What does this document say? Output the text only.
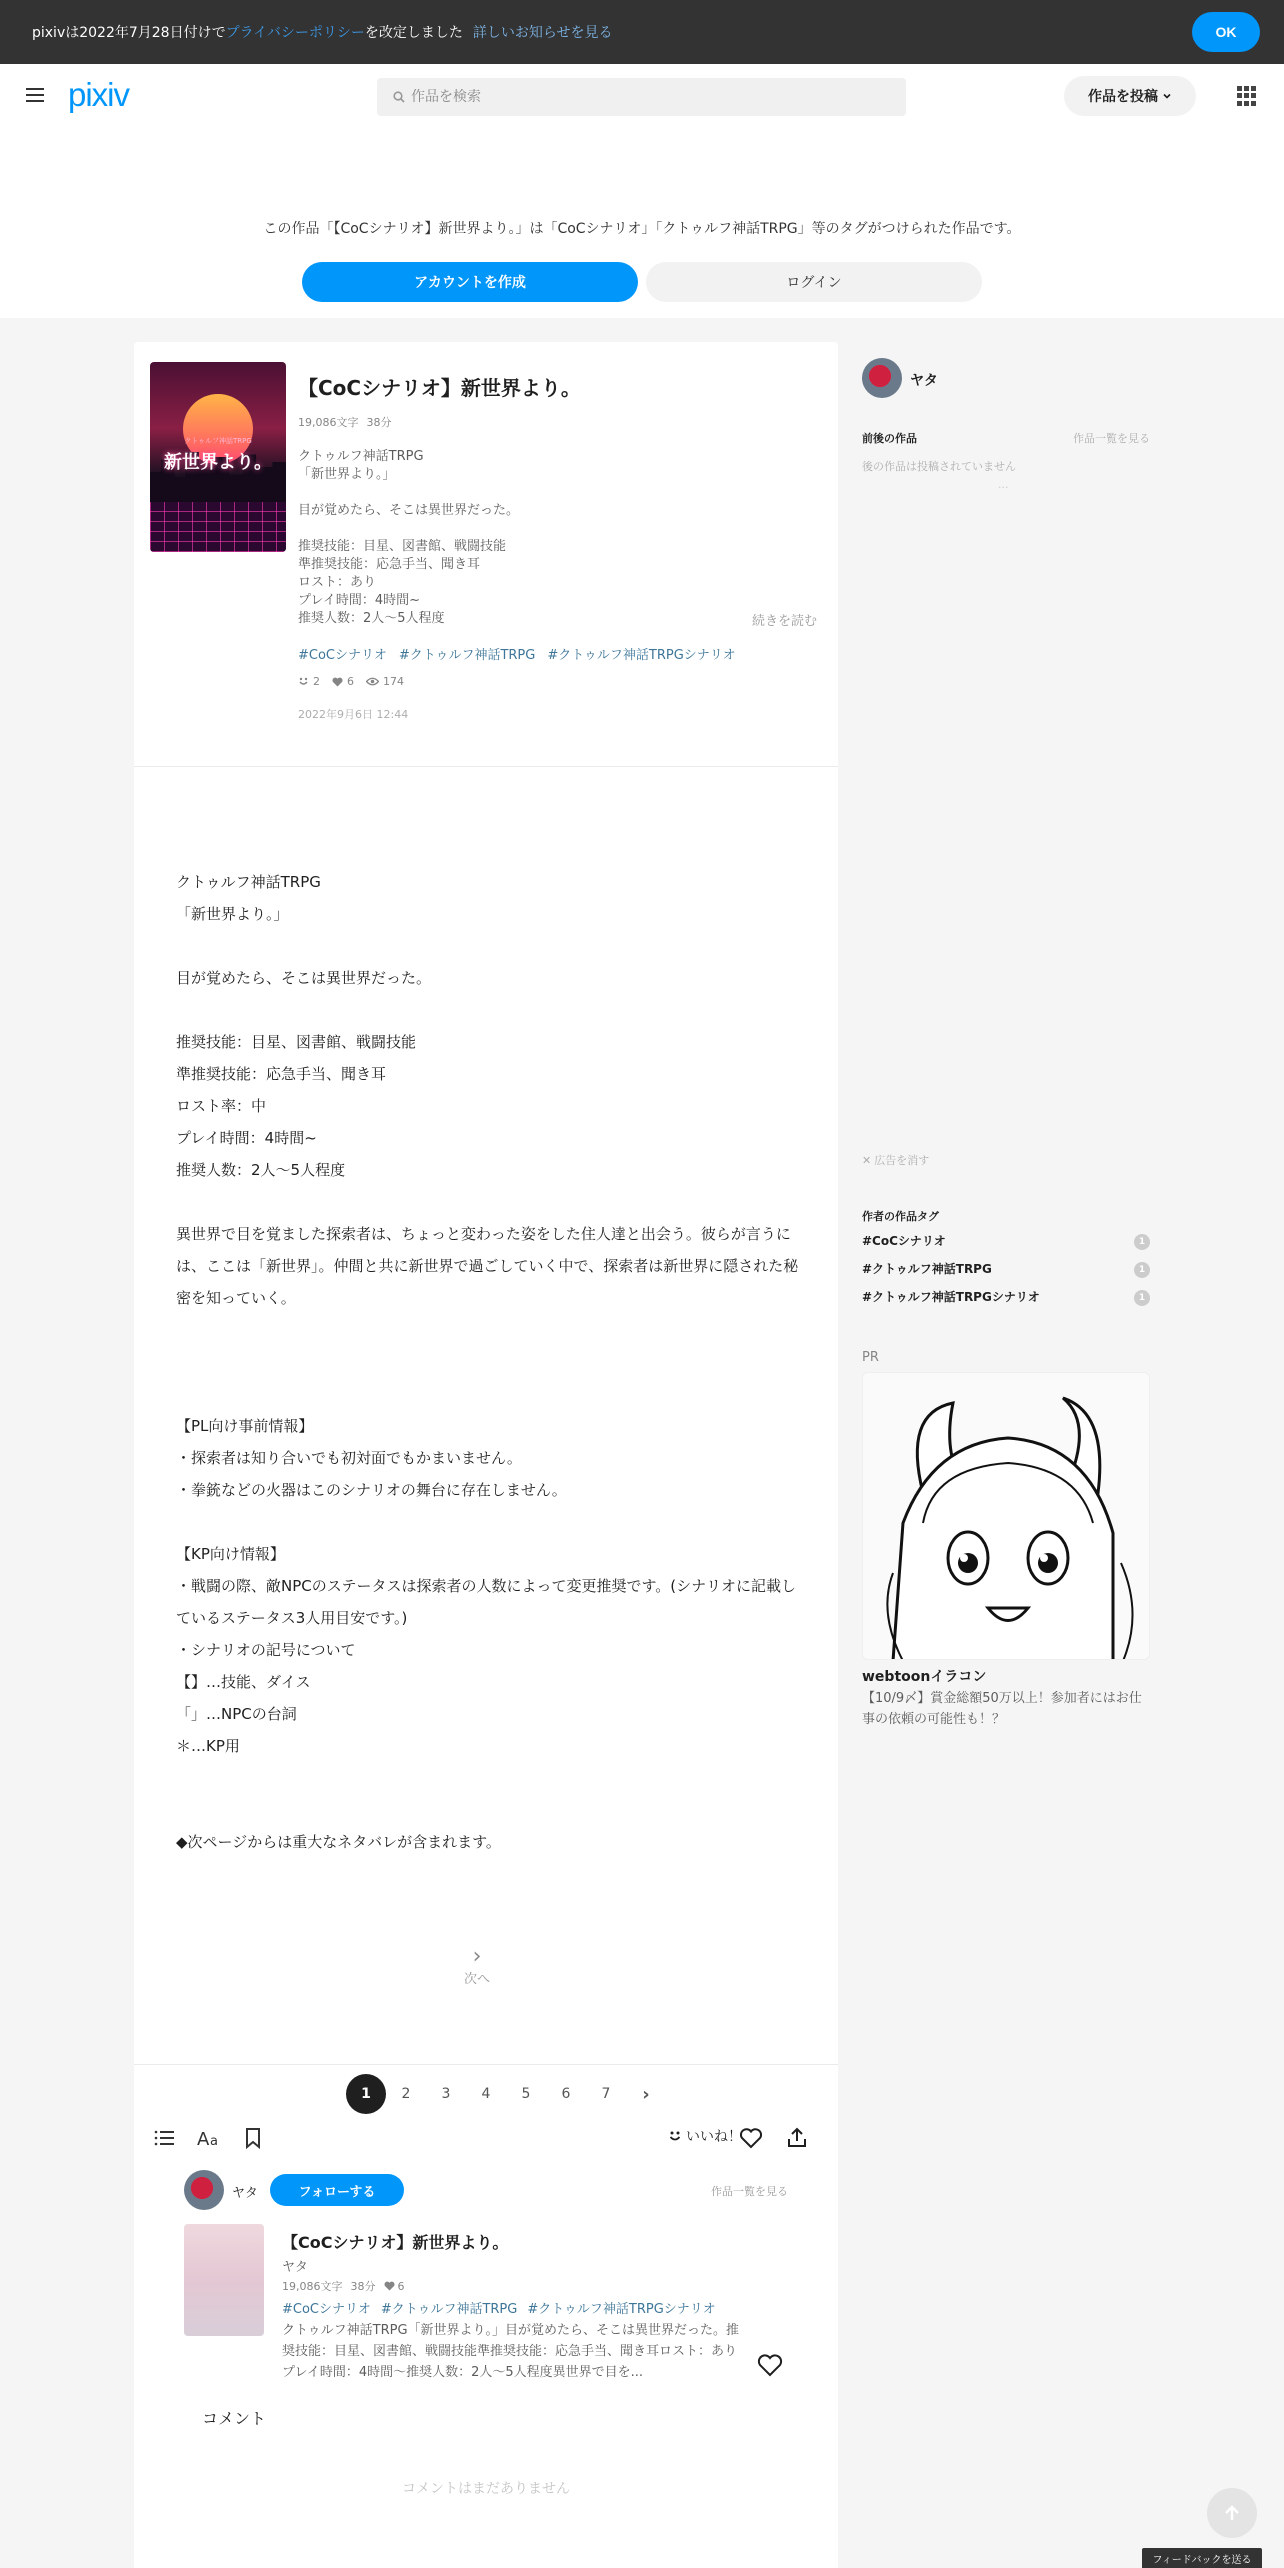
pixivは2022年7月28日付けで プライバシーポリシー を改定しました 詳しいお知らせを見る	OK
pixiv
作品を検索	作品を投稿
この作品「【CoCシナリオ】新世界より。」は「CoCシナリオ」「クトゥルフ神話TRPG」等のタグがつけられた作品です。
アカウントを作成	ログイン
クトゥルフ神話TRPG
新世界より。
【CoCシナリオ】新世界より。
19,086文字 38分

クトゥルフ神話TRPG

「新世界より。」

目が覚めたら、そこは異世界だった。

推奨技能：目星、図書館、戦闘技能

準推奨技能：応急手当、聞き耳

ロスト：あり

プレイ時間：4時間~

推奨人数：2人～5人程度	続きを読む
#CoCシナリオ #クトゥルフ神話TRPG #クトゥルフ神話TRPGシナリオ
2 6	174
2022年9月6日 12:44

クトゥルフ神話TRPG

「新世界より。」

目が覚めたら、そこは異世界だった。

推奨技能：目星、図書館、戦闘技能

準推奨技能：応急手当、聞き耳

ロスト率：中

プレイ時間：4時間~

推奨人数：2人～5人程度

異世界で目を覚ました探索者は、ちょっと変わった姿をした住人達と出会う。彼らが言うには、ここは「新世界」。仲間と共に新世界で過ごしていく中で、探索者は新世界に隠された秘密を知っていく。

【PL向け事前情報】

・探索者は知り合いでも初対面でもかまいません。

・拳銃などの火器はこのシナリオの舞台に存在しません。

【KP向け情報】

・戦闘の際、敵NPCのステータスは探索者の人数によって変更推奨です。(シナリオに記載しているステータス3人用目安です。)

・シナリオの記号について

【】…技能、ダイス

「」…NPCの台詞

＊…KP用

◆次ページからは重大なネタバレが含まれます。

›
次へ
1	2	3	4	5	6	7	›
A a	いいね！
ヤタ	フォローする	作品一覧を見る
【CoCシナリオ】新世界より。
ヤタ
19,086文字 38分 6
#CoCシナリオ #クトゥルフ神話TRPG #クトゥルフ神話TRPGシナリオ
クトゥルフ神話TRPG「新世界より。」目が覚めたら、そこは異世界だった。推奨技能：目星、図書館、戦闘技能準推奨技能：応急手当、聞き耳ロスト：ありプレイ時間：4時間～推奨人数：2人～5人程度異世界で目を...
コメント
コメントはまだありません
ヤタ
前後の作品	作品一覧を見る
後の作品は投稿されていません
...
✕ 広告を消す
作者の作品タグ
#CoCシナリオ	1
#クトゥルフ神話TRPG	1
#クトゥルフ神話TRPGシナリオ	1
PR
webtoonイラコン
【10/9〆】賞金総額50万以上！参加者にはお仕事の依頼の可能性も！？
フィードバックを送る
